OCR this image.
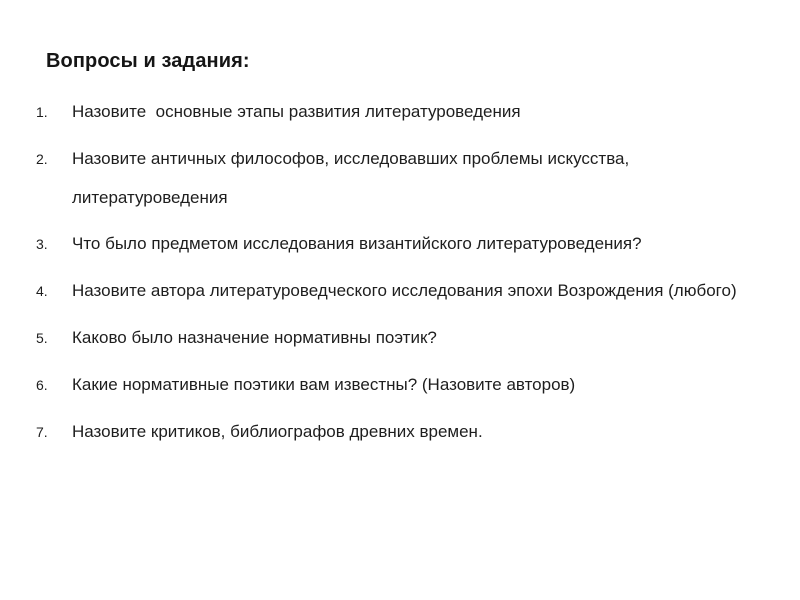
Вопросы и задания:
1.	Назовите  основные этапы развития литературоведения
2.	Назовите античных философов, исследовавших проблемы искусства, литературоведения
3.	Что было предметом исследования византийского литературоведения?
4.	Назовите автора литературоведческого исследования эпохи Возрождения (любого)
5.	Каково было назначение нормативны поэтик?
6.	Какие нормативные поэтики вам известны? (Назовите авторов)
7.	Назовите критиков, библиографов древних времен.
